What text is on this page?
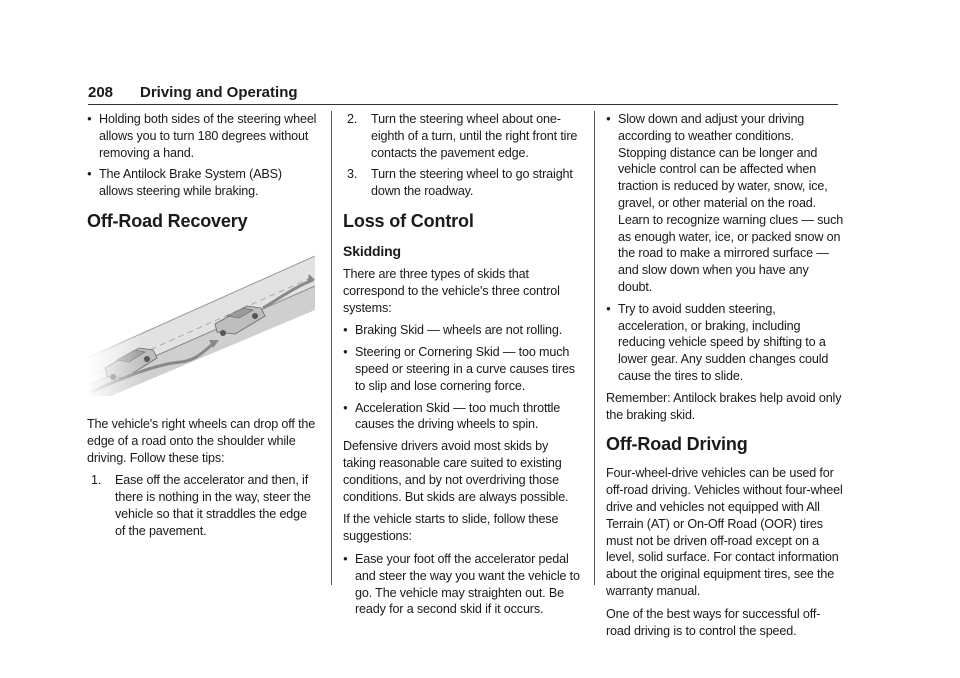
208 Driving and Operating
● Holding both sides of the steering wheel allows you to turn 180 degrees without removing a hand.
● The Antilock Brake System (ABS) allows steering while braking.
Off-Road Recovery
The vehicle's right wheels can drop off the edge of a road onto the shoulder while driving. Follow these tips:
1. Ease off the accelerator and then, if there is nothing in the way, steer the vehicle so that it straddles the edge of the pavement.
2. Turn the steering wheel about one-eighth of a turn, until the right front tire contacts the pavement edge.
3. Turn the steering wheel to go straight down the roadway.
Loss of Control
Skidding
There are three types of skids that correspond to the vehicle's three control systems:
● Braking Skid — wheels are not rolling.
● Steering or Cornering Skid — too much speed or steering in a curve causes tires to slip and lose cornering force.
● Acceleration Skid — too much throttle causes the driving wheels to spin.
Defensive drivers avoid most skids by taking reasonable care suited to existing conditions, and by not overdriving those conditions. But skids are always possible.
If the vehicle starts to slide, follow these suggestions:
● Ease your foot off the accelerator pedal and steer the way you want the vehicle to go. The vehicle may straighten out. Be ready for a second skid if it occurs.
● Slow down and adjust your driving according to weather conditions. Stopping distance can be longer and vehicle control can be affected when traction is reduced by water, snow, ice, gravel, or other material on the road. Learn to recognize warning clues — such as enough water, ice, or packed snow on the road to make a mirrored surface — and slow down when you have any doubt.
● Try to avoid sudden steering, acceleration, or braking, including reducing vehicle speed by shifting to a lower gear. Any sudden changes could cause the tires to slide.
Remember: Antilock brakes help avoid only the braking skid.
Off-Road Driving
Four-wheel-drive vehicles can be used for off-road driving. Vehicles without four-wheel drive and vehicles not equipped with All Terrain (AT) or On-Off Road (OOR) tires must not be driven off-road except on a level, solid surface. For contact information about the original equipment tires, see the warranty manual.
One of the best ways for successful off-road driving is to control the speed.
